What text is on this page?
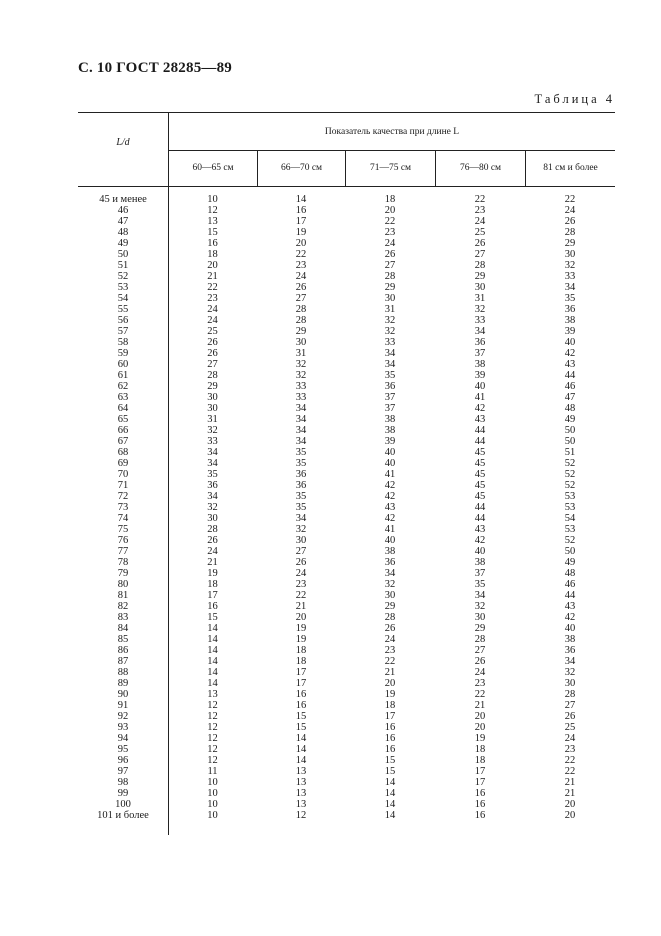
С. 10 ГОСТ 28285—89
Таблица 4
L/d
Показатель качества при длине L
60—65 см	66—70 см	71—75 см	76—80 см	81 см и более
45 и менее	10	14	18	22	22
46	12	16	20	23	24
47	13	17	22	24	26
48	15	19	23	25	28
49	16	20	24	26	29
50	18	22	26	27	30
51	20	23	27	28	32
52	21	24	28	29	33
53	22	26	29	30	34
54	23	27	30	31	35
55	24	28	31	32	36
56	24	28	32	33	38
57	25	29	32	34	39
58	26	30	33	36	40
59	26	31	34	37	42
60	27	32	34	38	43
61	28	32	35	39	44
62	29	33	36	40	46
63	30	33	37	41	47
64	30	34	37	42	48
65	31	34	38	43	49
66	32	34	38	44	50
67	33	34	39	44	50
68	34	35	40	45	51
69	34	35	40	45	52
70	35	36	41	45	52
71	36	36	42	45	52
72	34	35	42	45	53
73	32	35	43	44	53
74	30	34	42	44	54
75	28	32	41	43	53
76	26	30	40	42	52
77	24	27	38	40	50
78	21	26	36	38	49
79	19	24	34	37	48
80	18	23	32	35	46
81	17	22	30	34	44
82	16	21	29	32	43
83	15	20	28	30	42
84	14	19	26	29	40
85	14	19	24	28	38
86	14	18	23	27	36
87	14	18	22	26	34
88	14	17	21	24	32
89	14	17	20	23	30
90	13	16	19	22	28
91	12	16	18	21	27
92	12	15	17	20	26
93	12	15	16	20	25
94	12	14	16	19	24
95	12	14	16	18	23
96	12	14	15	18	22
97	11	13	15	17	22
98	10	13	14	17	21
99	10	13	14	16	21
100	10	13	14	16	20
101 и более	10	12	14	16	20
